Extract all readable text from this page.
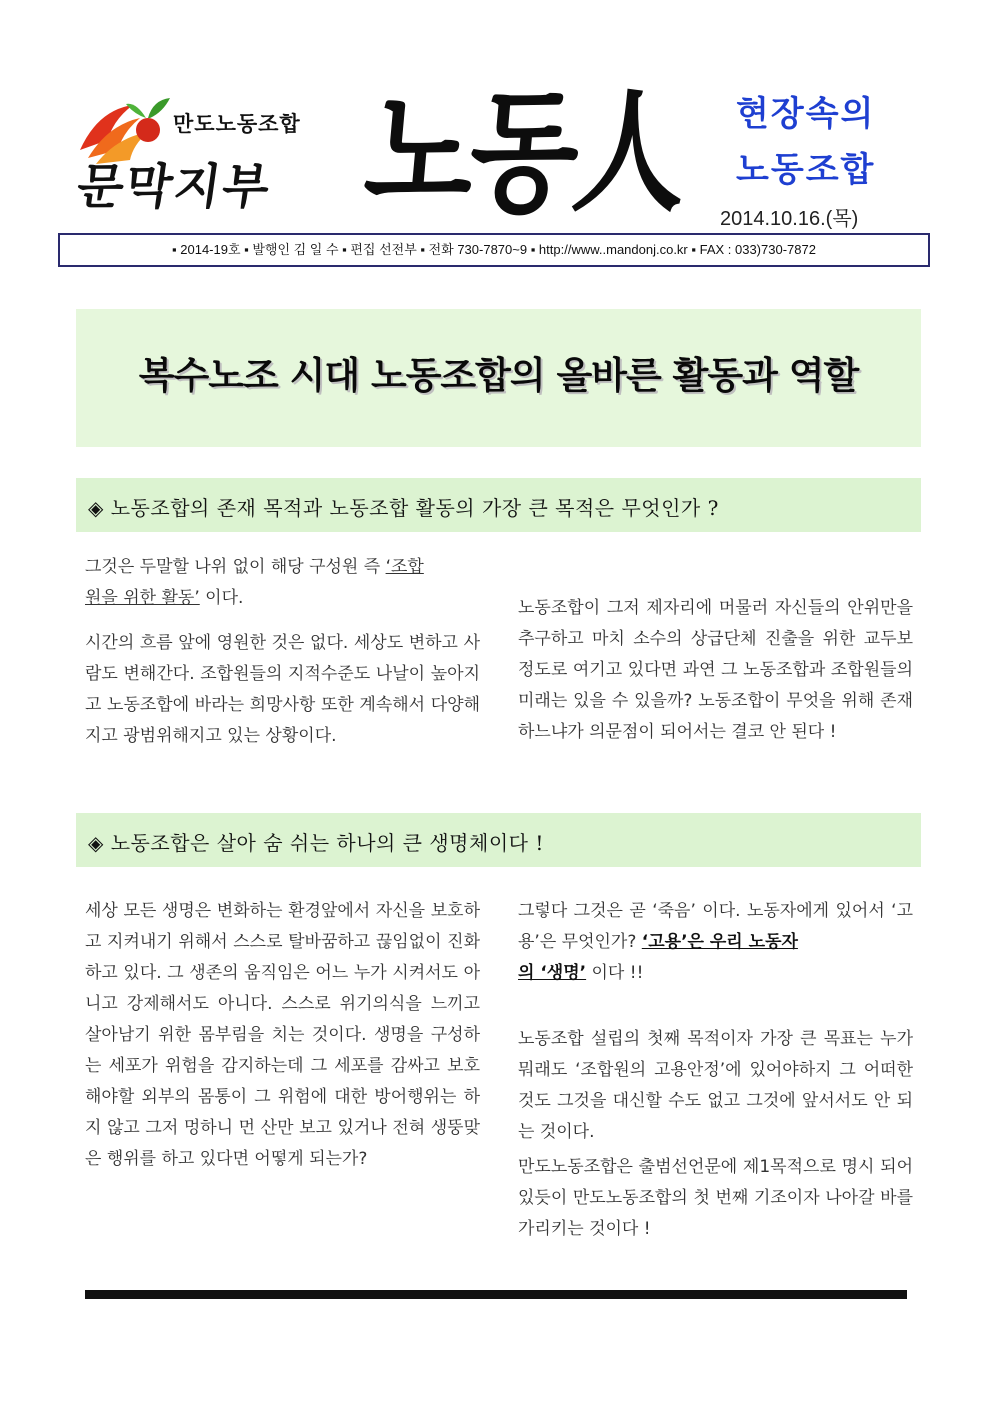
만도노동조합
문막지부 노동人 현장속의
노동조합
2014.10.16.(목)
▪ 2014-19호 ▪ 발행인 김 일 수 ▪ 편집 선전부 ▪ 전화 730-7870~9 ▪ http://www..mandonj.co.kr ▪ FAX : 033)730-7872
복수노조 시대 노동조합의 올바른 활동과 역할
◈ 노동조합의 존재 목적과 노동조합 활동의 가장 큰 목적은 무엇인가 ?
그것은 두말할 나위 없이 해당 구성원 즉 ‘조합
원을 위한 활동’ 이다.
시간의 흐름 앞에 영원한 것은 없다. 세상도 변하고 사람도 변해간다. 조합원들의 지적수준도 나날이 높아지고 노동조합에 바라는 희망사항 또한 계속해서 다양해지고 광범위해지고 있는 상황이다.
노동조합이 그저 제자리에 머물러 자신들의 안위만을 추구하고 마치 소수의 상급단체 진출을 위한 교두보 정도로 여기고 있다면 과연 그 노동조합과 조합원들의 미래는 있을 수 있을까? 노동조합이 무엇을 위해 존재하느냐가 의문점이 되어서는 결코 안 된다 !
◈ 노동조합은 살아 숨 쉬는 하나의 큰 생명체이다 !
세상 모든 생명은 변화하는 환경앞에서 자신을 보호하고 지켜내기 위해서 스스로 탈바꿈하고 끊임없이 진화하고 있다. 그 생존의 움직임은 어느 누가 시켜서도 아니고 강제해서도 아니다. 스스로 위기의식을 느끼고 살아남기 위한 몸부림을 치는 것이다. 생명을 구성하는 세포가 위험을 감지하는데 그 세포를 감싸고 보호해야할 외부의 몸통이 그 위험에 대한 방어행위는 하지 않고 그저 멍하니 먼 산만 보고 있거나 전혀 생뚱맞은 행위를 하고 있다면 어떻게 되는가?
그렇다 그것은 곧 ‘죽음’ 이다. 노동자에게 있어서 ‘고용’은 무엇인가? ‘고용’은 우리 노동자
의 ‘생명’ 이다 !!
노동조합 설립의 첫째 목적이자 가장 큰 목표는 누가 뭐래도 ‘조합원의 고용안정’에 있어야하지 그 어떠한 것도 그것을 대신할 수도 없고 그것에 앞서서도 안 되는 것이다.
만도노동조합은 출범선언문에 제1목적으로 명시 되어 있듯이 만도노동조합의 첫 번째 기조이자 나아갈 바를 가리키는 것이다 !
